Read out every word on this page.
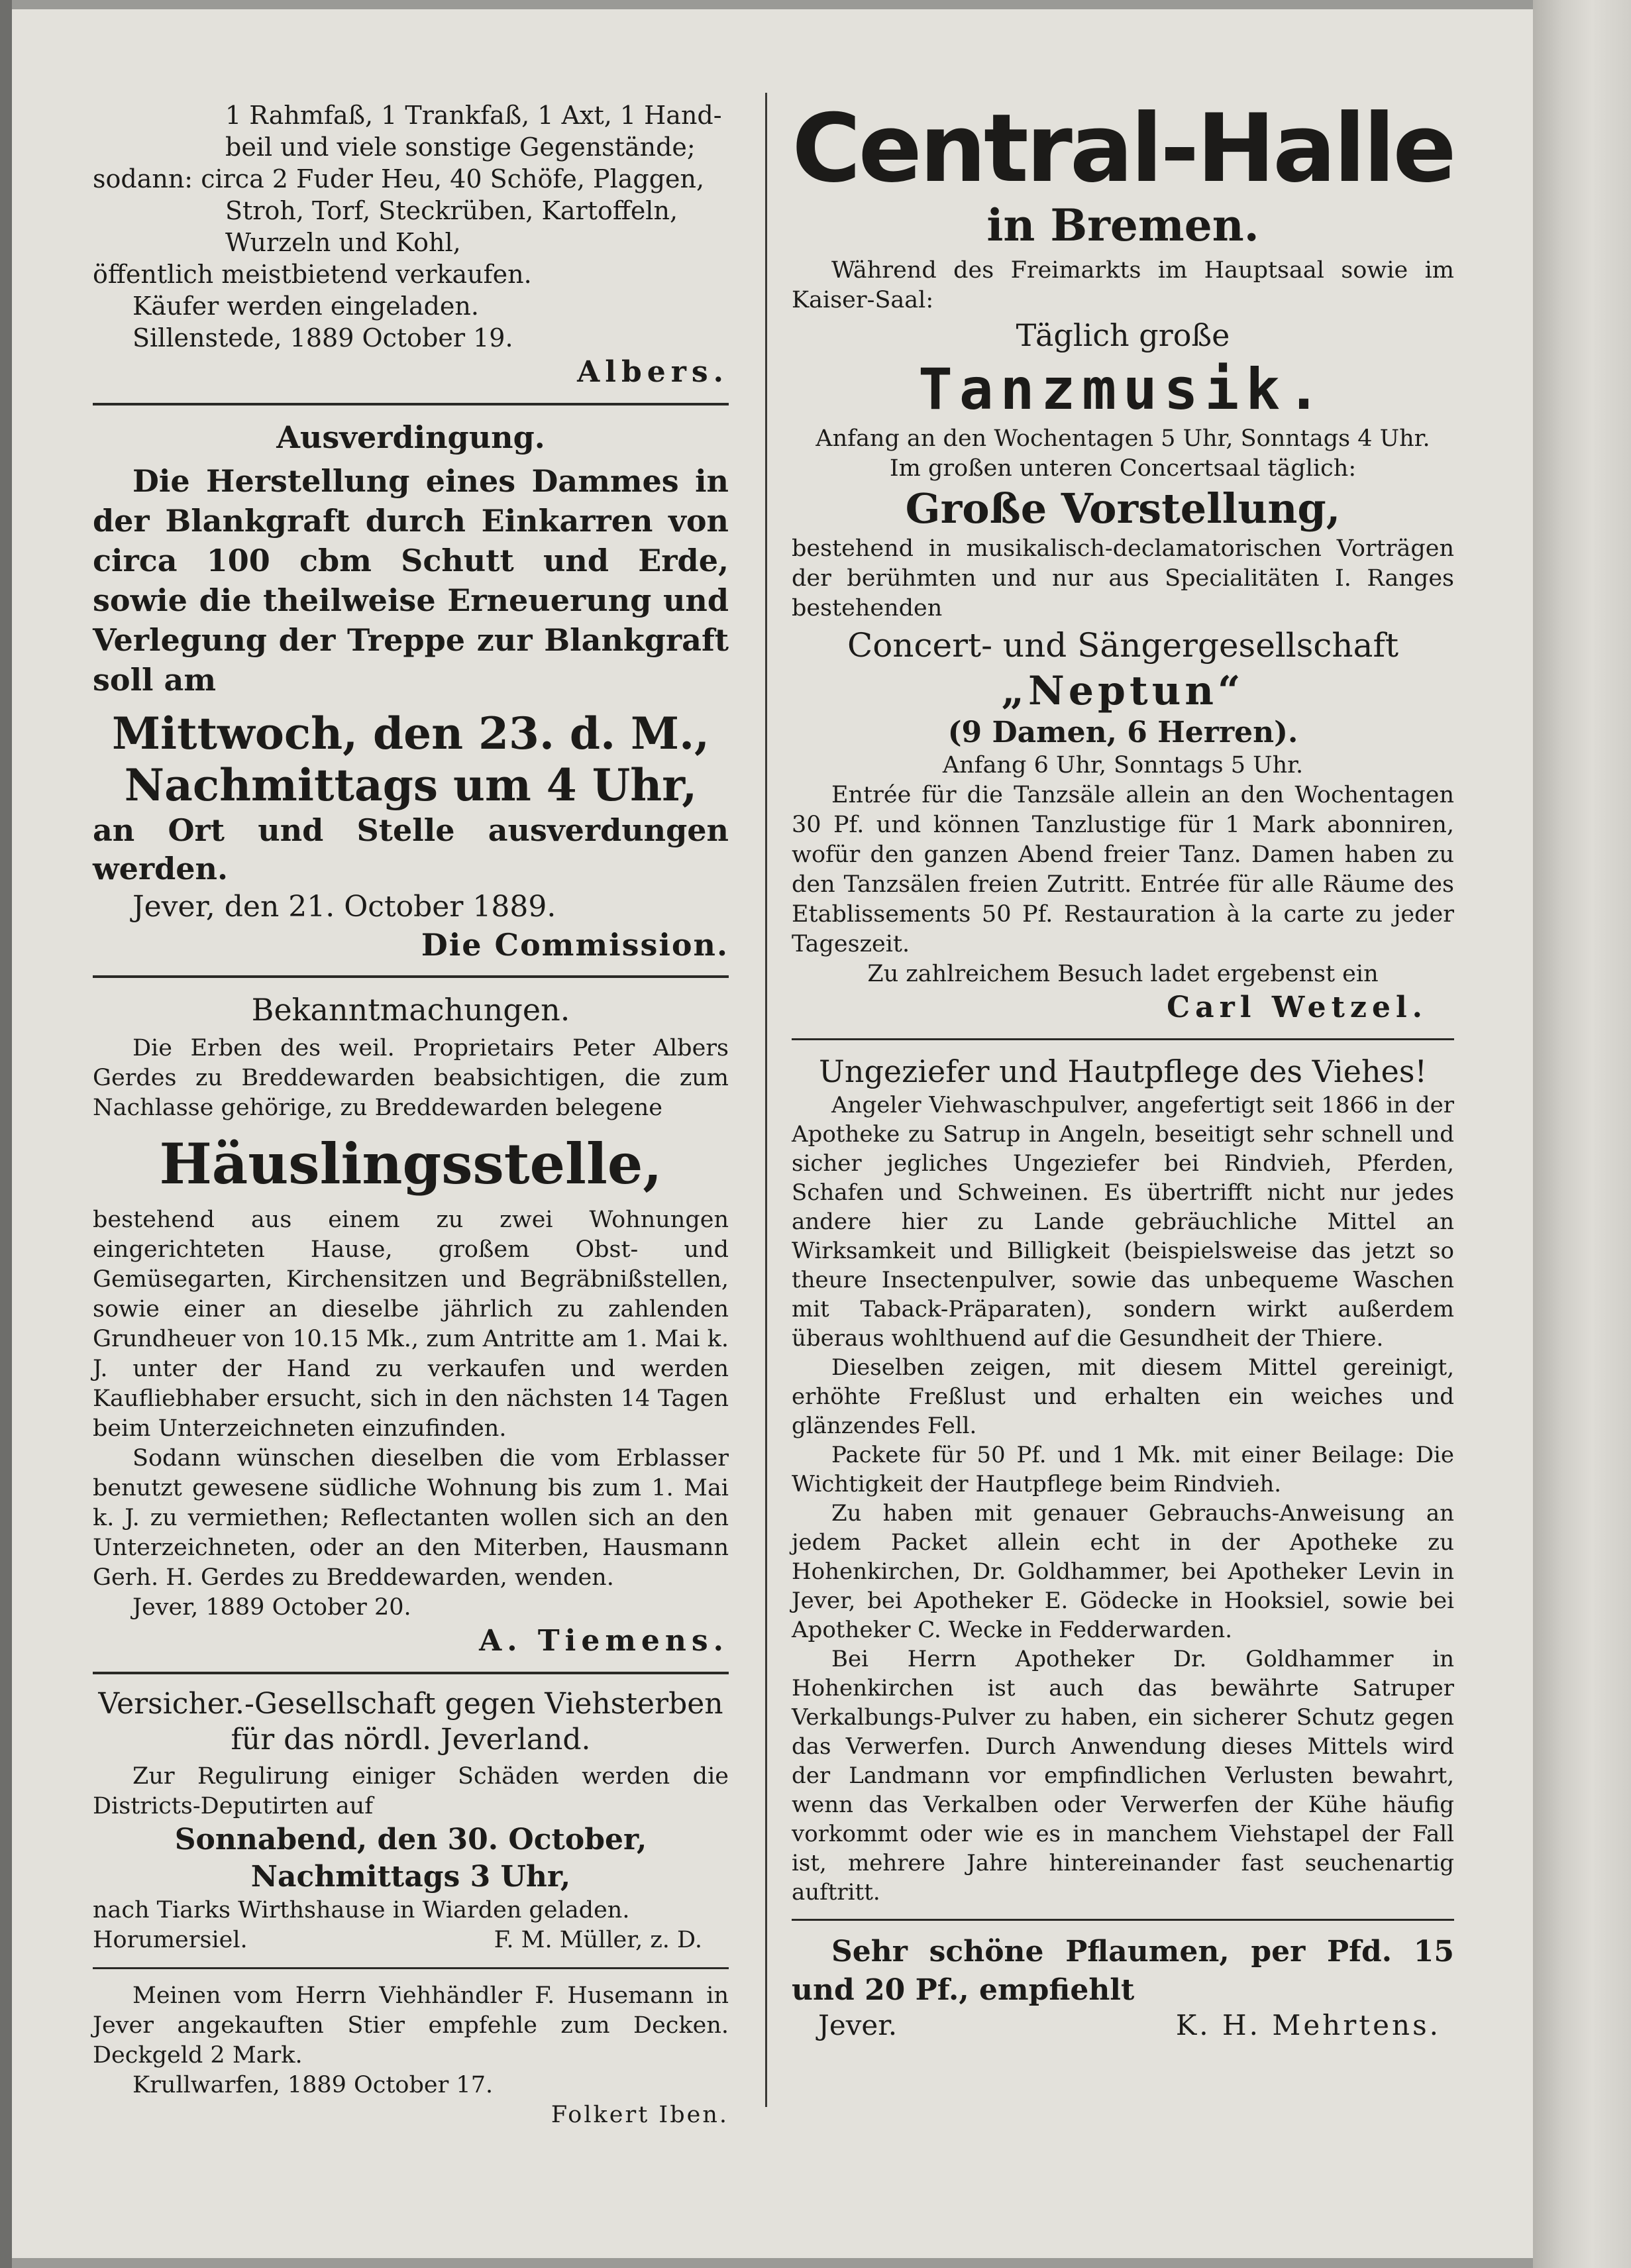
1 Rahmfaß, 1 Trankfaß, 1 Axt, 1 Hand-

beil und viele sonstige Gegenstände;

sodann: circa 2 Fuder Heu, 40 Schöfe, Plaggen,

Stroh, Torf, Steckrüben, Kartoffeln,

Wurzeln und Kohl,

öffentlich meistbietend verkaufen.

Käufer werden eingeladen.

Sillenstede, 1889 October 19.

Albers.

Ausverdingung.

Die Herstellung eines Dammes in der Blankgraft durch Einkarren von circa 100 cbm Schutt und Erde, sowie die theilweise Erneuerung und Verlegung der Treppe zur Blankgraft soll am

Mittwoch, den 23. d. M.,

Nachmittags um 4 Uhr,

an Ort und Stelle ausverdungen werden.

Jever, den 21. October 1889.

Die Commission.

Bekanntmachungen.

Die Erben des weil. Proprietairs Peter Albers Gerdes zu Breddewarden beabsichtigen, die zum Nachlasse gehörige, zu Breddewarden belegene

Häuslingsstelle,

bestehend aus einem zu zwei Wohnungen eingerichteten Hause, großem Obst- und Gemüsegarten, Kirchensitzen und Begräbnißstellen, sowie einer an dieselbe jährlich zu zahlenden Grundheuer von 10.15 Mk., zum Antritte am 1. Mai k. J. unter der Hand zu verkaufen und werden Kaufliebhaber ersucht, sich in den nächsten 14 Tagen beim Unterzeichneten einzufinden.

Sodann wünschen dieselben die vom Erblasser benutzt gewesene südliche Wohnung bis zum 1. Mai k. J. zu vermiethen; Reflectanten wollen sich an den Unterzeichneten, oder an den Miterben, Hausmann Gerh. H. Gerdes zu Breddewarden, wenden.

Jever, 1889 October 20.

A. Tiemens.

Versicher.-Gesellschaft gegen Viehsterben

für das nördl. Jeverland.

Zur Regulirung einiger Schäden werden die Districts-Deputirten auf

Sonnabend, den 30. October,

Nachmittags 3 Uhr,

nach Tiarks Wirthshause in Wiarden geladen.

Horumersiel.	F. M. Müller, z. D.

Meinen vom Herrn Viehhändler F. Husemann in Jever angekauften Stier empfehle zum Decken. Deckgeld 2 Mark.

Krullwarfen, 1889 October 17.

Folkert Iben.

Central-Halle

in Bremen.

Während des Freimarkts im Hauptsaal sowie im Kaiser-Saal:

Täglich große

Tanzmusik.

Anfang an den Wochentagen 5 Uhr, Sonntags 4 Uhr.

Im großen unteren Concertsaal täglich:

Große Vorstellung,

bestehend in musikalisch-declamatorischen Vorträgen der berühmten und nur aus Specialitäten I. Ranges bestehenden

Concert- und Sängergesellschaft

„Neptun“

(9 Damen, 6 Herren).

Anfang 6 Uhr, Sonntags 5 Uhr.

Entrée für die Tanzsäle allein an den Wochentagen 30 Pf. und können Tanzlustige für 1 Mark abonniren, wofür den ganzen Abend freier Tanz. Damen haben zu den Tanzsälen freien Zutritt. Entrée für alle Räume des Etablissements 50 Pf. Restauration à la carte zu jeder Tageszeit.

Zu zahlreichem Besuch ladet ergebenst ein

Carl Wetzel.

Ungeziefer und Hautpflege des Viehes!

Angeler Viehwaschpulver, angefertigt seit 1866 in der Apotheke zu Satrup in Angeln, beseitigt sehr schnell und sicher jegliches Ungeziefer bei Rindvieh, Pferden, Schafen und Schweinen. Es übertrifft nicht nur jedes andere hier zu Lande gebräuchliche Mittel an Wirksamkeit und Billigkeit (beispielsweise das jetzt so theure Insectenpulver, sowie das unbequeme Waschen mit Taback-Präparaten), sondern wirkt außerdem überaus wohlthuend auf die Gesundheit der Thiere.

Dieselben zeigen, mit diesem Mittel gereinigt, erhöhte Freßlust und erhalten ein weiches und glänzendes Fell.

Packete für 50 Pf. und 1 Mk. mit einer Beilage: Die Wichtigkeit der Hautpflege beim Rindvieh.

Zu haben mit genauer Gebrauchs-Anweisung an jedem Packet allein echt in der Apotheke zu Hohenkirchen, Dr. Goldhammer, bei Apotheker Levin in Jever, bei Apotheker E. Gödecke in Hooksiel, sowie bei Apotheker C. Wecke in Fedderwarden.

Bei Herrn Apotheker Dr. Goldhammer in Hohenkirchen ist auch das bewährte Satruper Verkalbungs-Pulver zu haben, ein sicherer Schutz gegen das Verwerfen. Durch Anwendung dieses Mittels wird der Landmann vor empfindlichen Verlusten bewahrt, wenn das Verkalben oder Verwerfen der Kühe häufig vorkommt oder wie es in manchem Viehstapel der Fall ist, mehrere Jahre hintereinander fast seuchenartig auftritt.

Sehr schöne Pflaumen, per Pfd. 15 und 20 Pf., empfiehlt

Jever.	K. H. Mehrtens.
